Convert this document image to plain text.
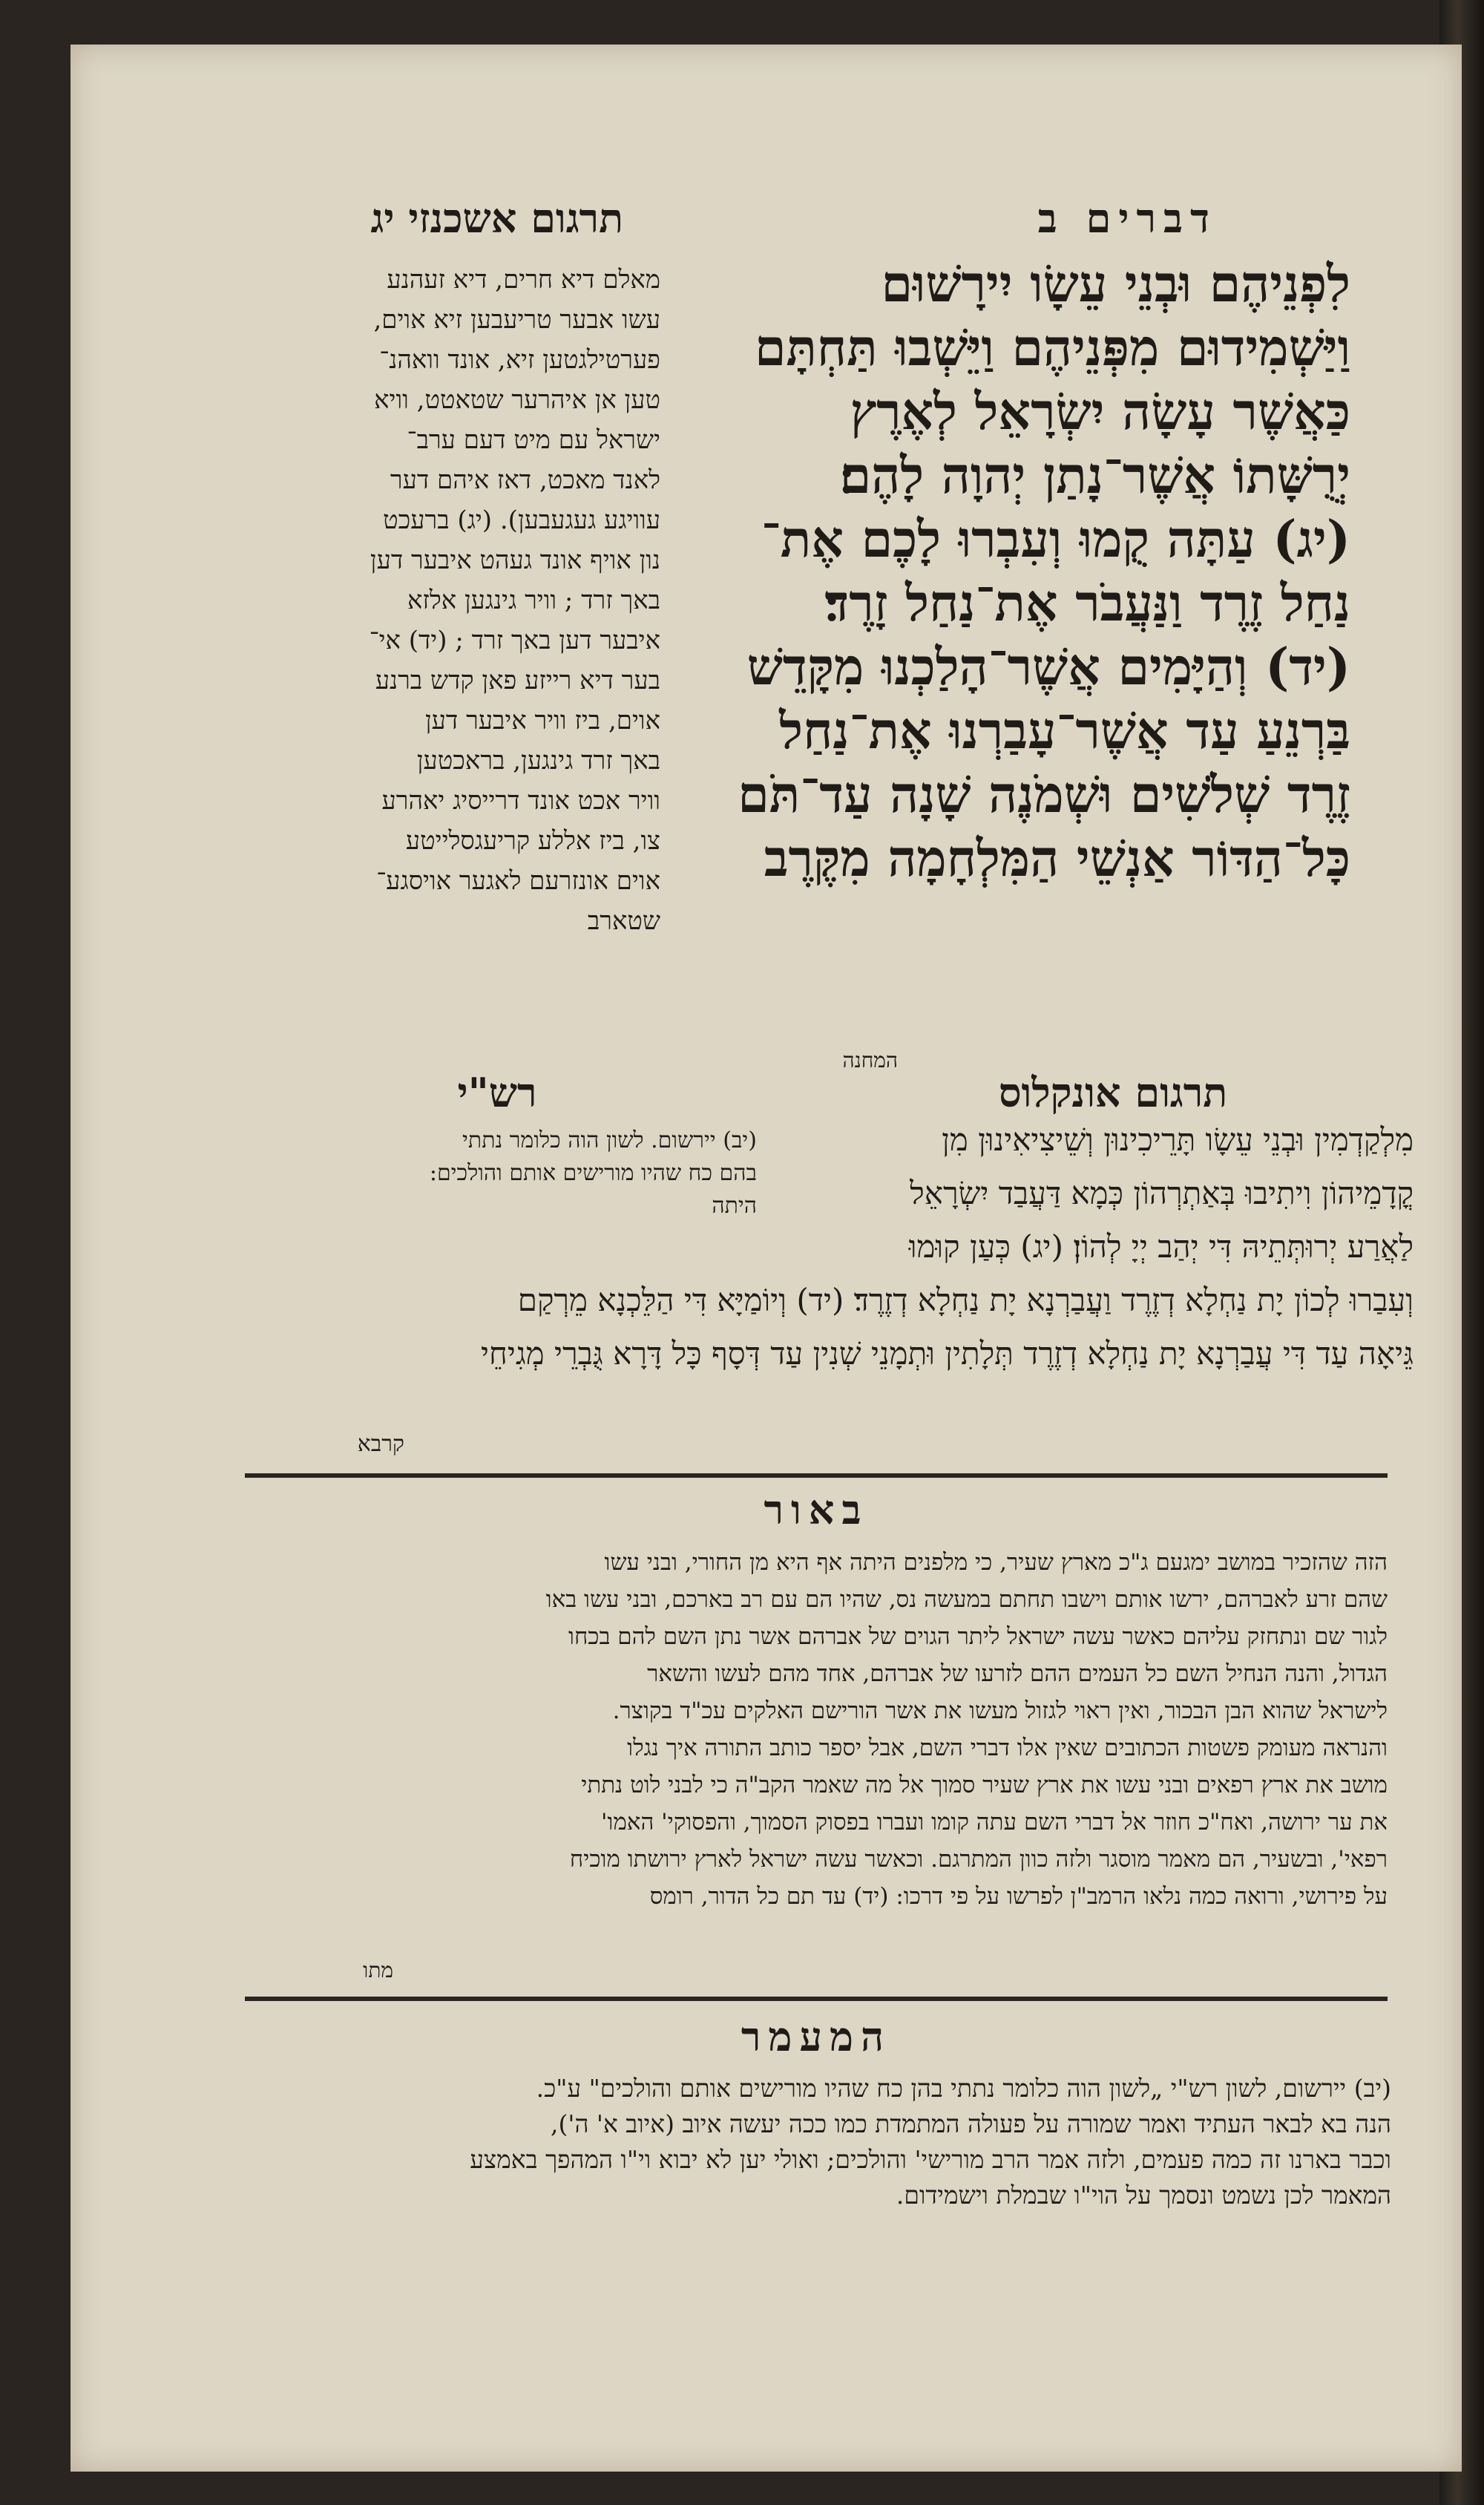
דברים ב
תרגום אשכנזי יג
לִפְנֵיהֶם וּבְנֵי עֵשָׂו יִירָשׁוּם
וַיַּשְׁמִידוּם מִפְּנֵיהֶם וַיֵּשְׁבוּ תַּחְתָּם
כַּאֲשֶׁר עָשָׂה יִשְׂרָאֵל לְאֶרֶץ
יְרֻשָּׁתוֹ אֲשֶׁר־נָתַן יְהוָה לָהֶם׃
(יג) עַתָּה קֻמוּ וְעִבְרוּ לָכֶם אֶת־
נַחַל זֶרֶד וַנַּעֲבֹר אֶת־נַחַל זָרֶד׃
(יד) וְהַיָּמִים אֲשֶׁר־הָלַכְנוּ מִקָּדֵשׁ
בַּרְנֵעַ עַד אֲשֶׁר־עָבַרְנוּ אֶת־נַחַל
זֶרֶד שְׁלֹשִׁים וּשְׁמֹנֶה שָׁנָה עַד־תֹּם
כָּל־הַדּוֹר אַנְשֵׁי הַמִּלְחָמָה מִקֶּרֶב
המחנה
מאלם דיא חרים, דיא זעהנע
עשו אבער טריעבען זיא אוים,
פערטילגטען זיא, אונד וואהנ־
טען אן איהרער שטאטט, וויא
ישראל עם מיט דעם ערב־
לאנד מאכט, דאז איהם דער
עוויגע געגעבען). (יג) ברעכט
נון אויף אונד געהט איבער דען
באך זרד ; וויר גינגען אלזא
איבער דען באך זרד ; (יד) אי־
בער דיא רייזע פאן קדש ברנע
אוים, ביז וויר איבער דען
באך זרד גינגען, בראכטען
וויר אכט אונד דרייסיג יאהרע
צו, ביז אללע קריעגסלייטע
אוים אונזרעם לאגער אויסגע־
שטארב
תרגום אונקלוס
מִלְקַדְמִין וּבְנֵי עֵשָׂו תָּרֵיכִינוּן וְשֵׁיצִיאִינוּן מִן
קֳדָמֵיהוֹן וִיתִיבוּ בְּאַתְרְהוֹן כְּמָא דַּעֲבַד יִשְׂרָאֵל
לַאֲרַע יְרוּתְּתֵיהּ דִּי יְהַב יְיָ לְהוֹן׃ (יג) כְּעַן קוּמוּ
וְעִבַרוּ לְכוֹן יָת נַחְלָא דְזֶרֶד וַעֲבַרְנָא יָת נַחְלָא דְזֶרֶד׃ (יד) וְיוֹמַיָּא דִּי הַלֵּכְנָא מֵרְקַם
גֵּיאָה עַד דִּי עֲבַרְנָא יָת נַחְלָא דְזֶרֶד תְּלָתִין וּתְמָנֵי שְׁנִין עַד דְּסָף כָּל דָּרָא גֻּבְרֵי מְגִיחֵי
קרבא
רש"י
(יב) יירשום. לשון הוה כלומר נתתי
בהם כח שהיו מורישים אותם והולכים:
היתה
באור
הזה שהזכיר במושב ימגעם ג"כ מארץ שעיר, כי מלפנים היתה אף היא מן החורי, ובני עשו
שהם זרע לאברהם, ירשו אותם וישבו תחתם במעשה נס, שהיו הם עם רב בארכם, ובני עשו באו
לגור שם ונתחזק עליהם כאשר עשה ישראל ליתר הגוים של אברהם אשר נתן השם להם בכחו
הגדול, והנה הנחיל השם כל העמים ההם לזרעו של אברהם, אחד מהם לעשו והשאר
לישראל שהוא הבן הבכור, ואין ראוי לגזול מעשו את אשר הורישם האלקים עכ"ד בקוצר.
והנראה מעומק פשטות הכתובים שאין אלו דברי השם, אבל יספר כותב התורה איך נגלו
מושב את ארץ רפאים ובני עשו את ארץ שעיר סמוך אל מה שאמר הקב"ה כי לבני לוט נתתי
את ער ירושה, ואח"כ חוזר אל דברי השם עתה קומו ועברו בפסוק הסמוך, והפסוקי' האמו'
רפאי', ובשעיר, הם מאמר מוסגר ולזה כוון המתרגם. וכאשר עשה ישראל לארץ ירושתו מוכיח
על פירושי, ורואה כמה נלאו הרמב"ן לפרשו על פי דרכו: (יד) עד תם כל הדור, רומס
מתו
המעמר
(יב) יירשום, לשון רש"י „לשון הוה כלומר נתתי בהן כח שהיו מורישים אותם והולכים" ע"כ.
הנה בא לבאר העתיד ואמר שמורה על פעולה המתמדת כמו ככה יעשה איוב (איוב א' ה'),
וכבר בארנו זה כמה פעמים, ולזה אמר הרב מורישי' והולכים; ואולי יען לא יבוא וי"ו המהפך באמצע
המאמר לכן נשמט ונסמך על הוי"ו שבמלת וישמידום.
